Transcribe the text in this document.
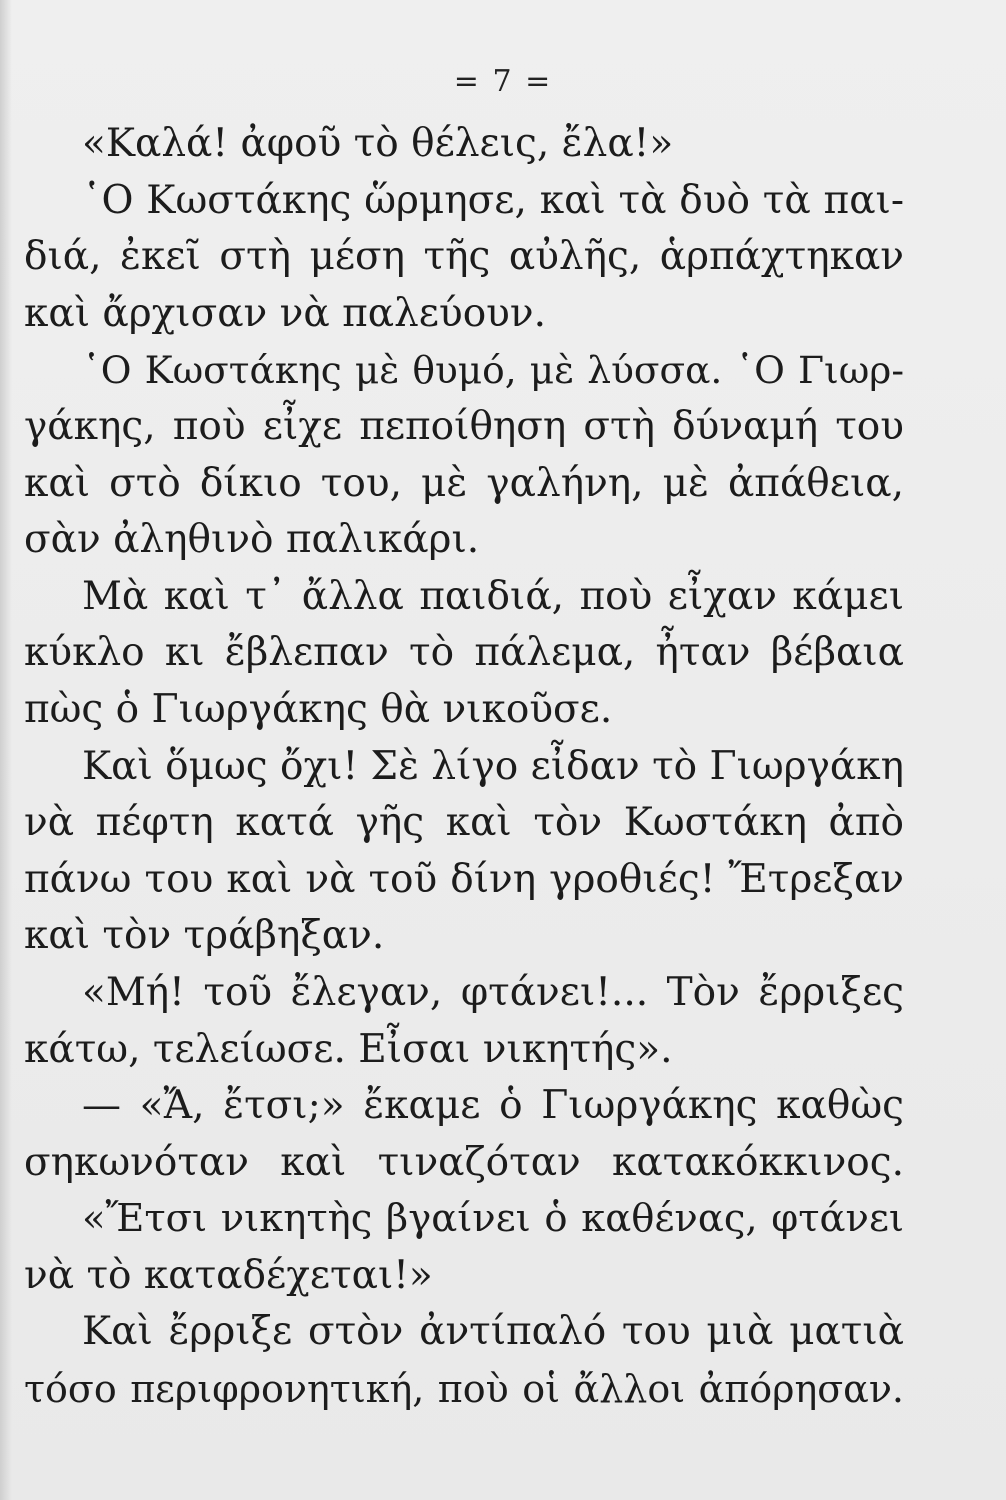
= 7 =
«Καλά! ἀφοῦ τὸ θέλεις, ἔλα!»
῾Ο Κωστάκης ὥρμησε, καὶ τὰ δυὸ τὰ παι-
διά, ἐκεῖ στὴ μέση τῆς αὐλῆς, ἁρπάχτηκαν
καὶ ἄρχισαν νὰ παλεύουν.
῾Ο Κωστάκης μὲ θυμό, μὲ λύσσα. ῾Ο Γιωρ-
γάκης, ποὺ εἶχε πεποίθηση στὴ δύναμή του
καὶ στὸ δίκιο του, μὲ γαλήνη, μὲ ἀπάθεια,
σὰν ἀληθινὸ παλικάρι.
Μὰ καὶ τ᾽ ἄλλα παιδιά, ποὺ εἶχαν κάμει
κύκλο κι ἔβλεπαν τὸ πάλεμα, ἦταν βέβαια
πὼς ὁ Γιωργάκης θὰ νικοῦσε.
Καὶ ὅμως ὄχι! Σὲ λίγο εἶδαν τὸ Γιωργάκη
νὰ πέφτη κατά γῆς καὶ τὸν Κωστάκη ἀπὸ
πάνω του καὶ νὰ τοῦ δίνη γροθιές! Ἔτρεξαν
καὶ τὸν τράβηξαν.
«Μή! τοῦ ἔλεγαν, φτάνει!... Τὸν ἔρριξες
κάτω, τελείωσε. Εἶσαι νικητής».
— «Ἄ, ἔτσι;» ἔκαμε ὁ Γιωργάκης καθὼς
σηκωνόταν καὶ τιναζόταν κατακόκκινος.
«Ἔτσι νικητὴς βγαίνει ὁ καθένας, φτάνει
νὰ τὸ καταδέχεται!»
Καὶ ἔρριξε στὸν ἀντίπαλό του μιὰ ματιὰ
τόσο περιφρονητική, ποὺ οἱ ἄλλοι ἀπόρησαν.
